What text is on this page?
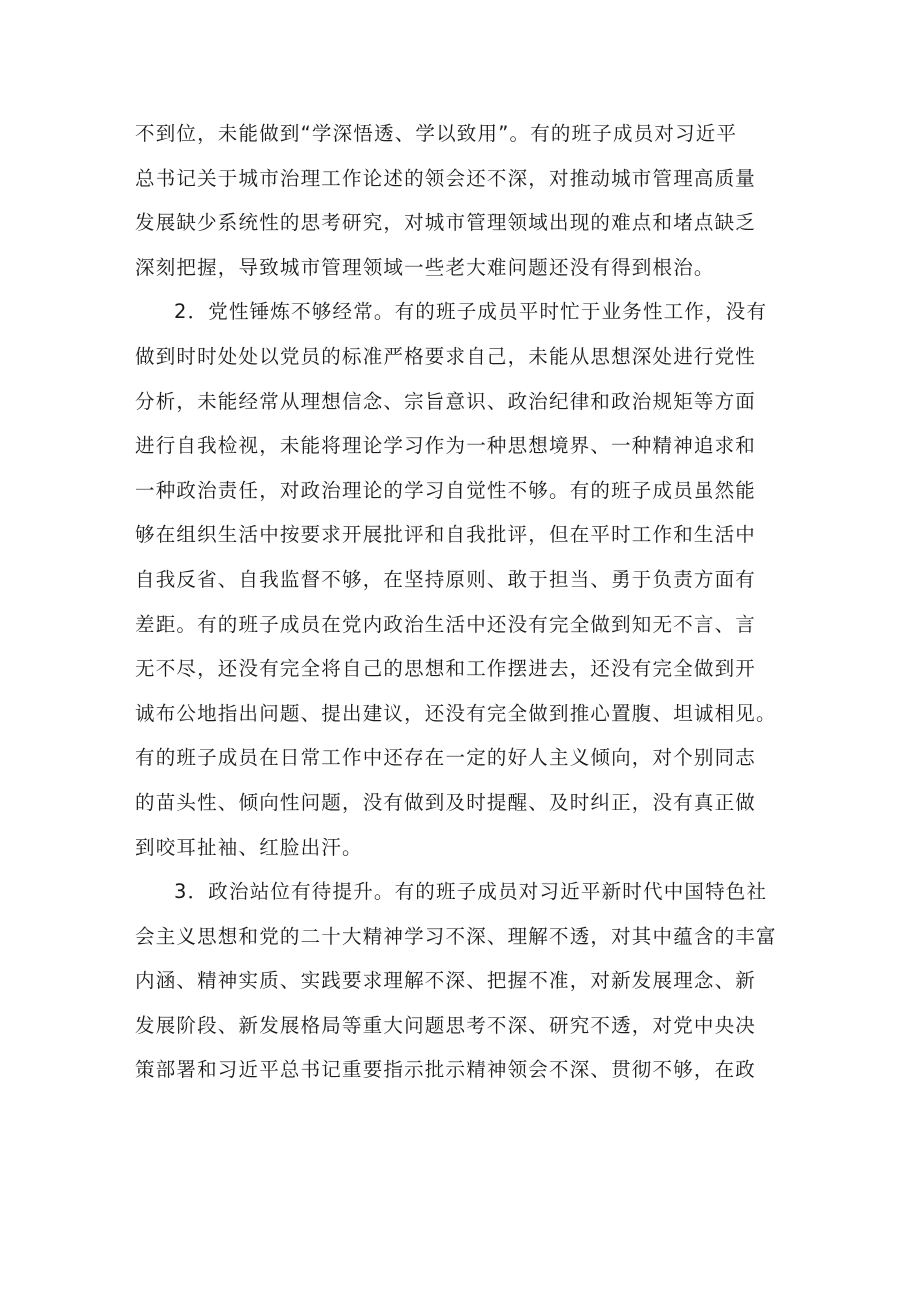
不到位，未能做到“学深悟透、学以致用”。有的班子成员对习近平
总书记关于城市治理工作论述的领会还不深，对推动城市管理高质量
发展缺少系统性的思考研究，对城市管理领域出现的难点和堵点缺乏
深刻把握，导致城市管理领域一些老大难问题还没有得到根治。

2．党性锤炼不够经常。有的班子成员平时忙于业务性工作，没有
做到时时处处以党员的标准严格要求自己，未能从思想深处进行党性
分析，未能经常从理想信念、宗旨意识、政治纪律和政治规矩等方面
进行自我检视，未能将理论学习作为一种思想境界、一种精神追求和
一种政治责任，对政治理论的学习自觉性不够。有的班子成员虽然能
够在组织生活中按要求开展批评和自我批评，但在平时工作和生活中
自我反省、自我监督不够，在坚持原则、敢于担当、勇于负责方面有
差距。有的班子成员在党内政治生活中还没有完全做到知无不言、言
无不尽，还没有完全将自己的思想和工作摆进去，还没有完全做到开
诚布公地指出问题、提出建议，还没有完全做到推心置腹、坦诚相见。
有的班子成员在日常工作中还存在一定的好人主义倾向，对个别同志
的苗头性、倾向性问题，没有做到及时提醒、及时纠正，没有真正做
到咬耳扯袖、红脸出汗。

3．政治站位有待提升。有的班子成员对习近平新时代中国特色社
会主义思想和党的二十大精神学习不深、理解不透，对其中蕴含的丰富
内涵、精神实质、实践要求理解不深、把握不准，对新发展理念、新
发展阶段、新发展格局等重大问题思考不深、研究不透，对党中央决
策部署和习近平总书记重要指示批示精神领会不深、贯彻不够，在政
